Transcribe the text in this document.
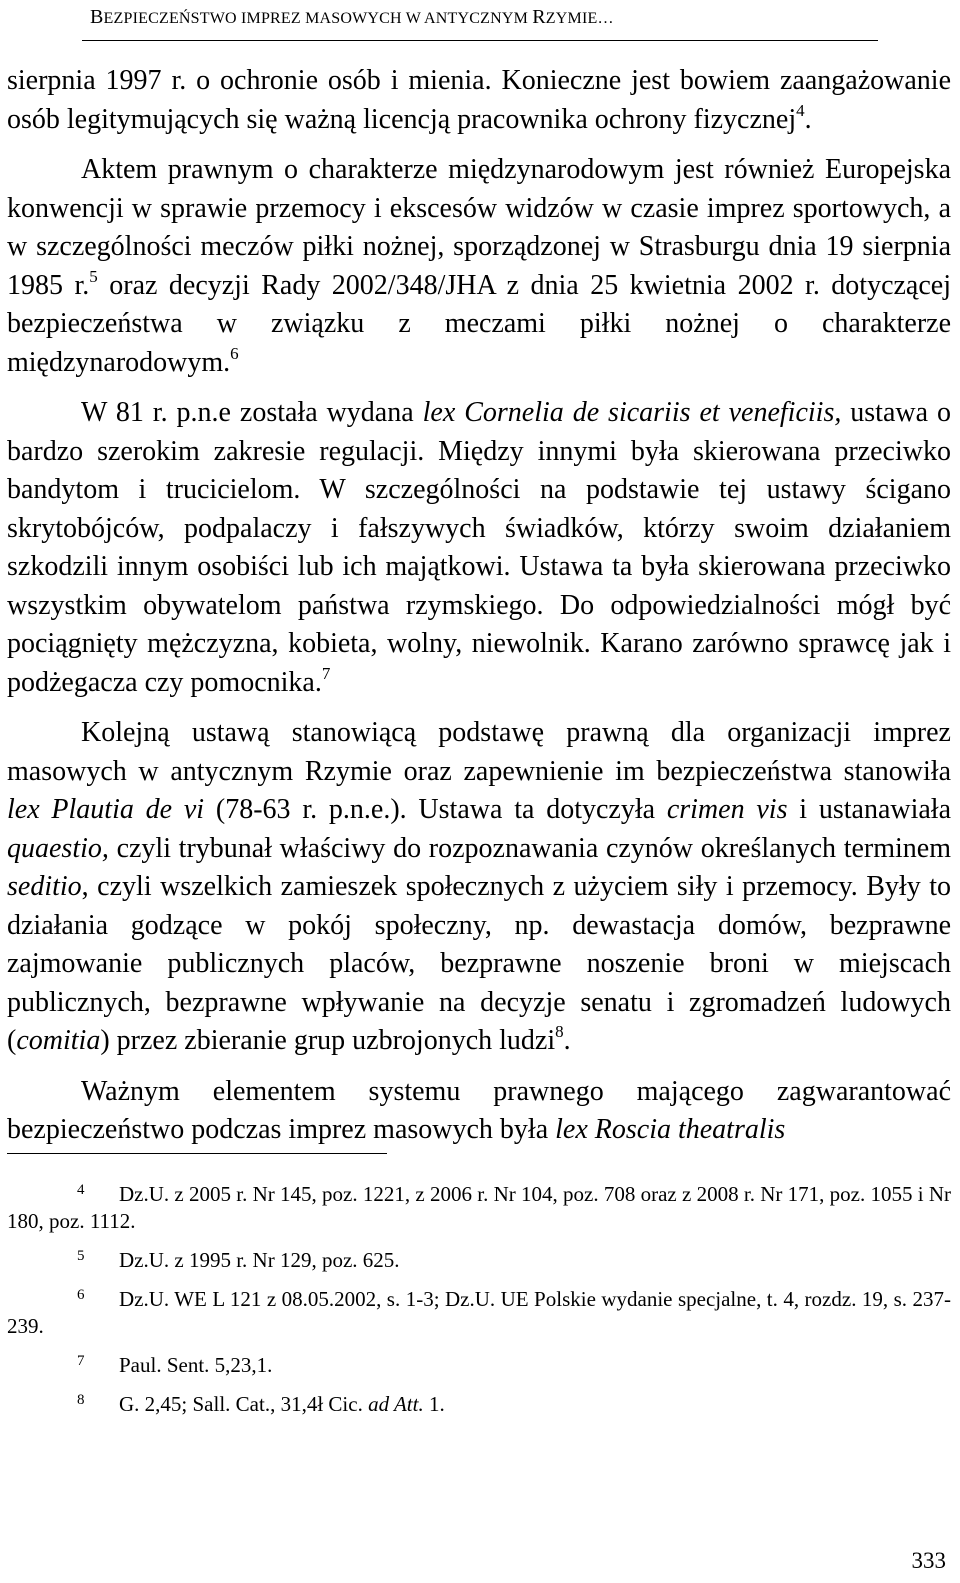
BEZPIECZEŃSTWO IMPREZ MASOWYCH W ANTYCZNYM RZYMIE…

sierpnia 1997 r. o ochronie osób i mienia. Konieczne jest bowiem zaangażowanie osób legitymujących się ważną licencją pracownika ochrony fizycznej$^4$.

Aktem prawnym o charakterze międzynarodowym jest również Europejska konwencji w sprawie przemocy i ekscesów widzów w czasie imprez sportowych, a w szczególności meczów piłki nożnej, sporządzonej w Strasburgu dnia 19 sierpnia 1985 r.$^5$ oraz decyzji Rady 2002/348/JHA z dnia 25 kwietnia 2002 r. dotyczącej bezpieczeństwa w związku z meczami piłki nożnej o charakterze międzynarodowym.$^6$

W 81 r. p.n.e została wydana lex Cornelia de sicariis et veneficiis, ustawa o bardzo szerokim zakresie regulacji. Między innymi była skierowana przeciwko bandytom i trucicielom. W szczególności na podstawie tej ustawy ścigano skrytobójców, podpalaczy i fałszywych świadków, którzy swoim działaniem szkodzili innym osobiści lub ich majątkowi. Ustawa ta była skierowana przeciwko wszystkim obywatelom państwa rzymskiego. Do odpowiedzialności mógł być pociągnięty mężczyzna, kobieta, wolny, niewolnik. Karano zarówno sprawcę jak i podżegacza czy pomocnika.$^7$

Kolejną ustawą stanowiącą podstawę prawną dla organizacji imprez masowych w antycznym Rzymie oraz zapewnienie im bezpieczeństwa stanowiła lex Plautia de vi (78-63 r. p.n.e.). Ustawa ta dotyczyła crimen vis i ustanawiała quaestio, czyli trybunał właściwy do rozpoznawania czynów określanych terminem seditio, czyli wszelkich zamieszek społecznych z użyciem siły i przemocy. Były to działania godzące w pokój społeczny, np. dewastacja domów, bezprawne zajmowanie publicznych placów, bezprawne noszenie broni w miejscach publicznych, bezprawne wpływanie na decyzje senatu i zgromadzeń ludowych (comitia) przez zbieranie grup uzbrojonych ludzi$^8$.

Ważnym elementem systemu prawnego mającego zagwarantować bezpieczeństwo podczas imprez masowych była lex Roscia theatralis

4 Dz.U. z 2005 r. Nr 145, poz. 1221, z 2006 r. Nr 104, poz. 708 oraz z 2008 r. Nr 171, poz. 1055 i Nr 180, poz. 1112.

5 Dz.U. z 1995 r. Nr 129, poz. 625.

6 Dz.U. WE L 121 z 08.05.2002, s. 1-3; Dz.U. UE Polskie wydanie specjalne, t. 4, rozdz. 19, s. 237-239.

7 Paul. Sent. 5,23,1.

8 G. 2,45; Sall. Cat., 31,4ł Cic. ad Att. 1.

333
